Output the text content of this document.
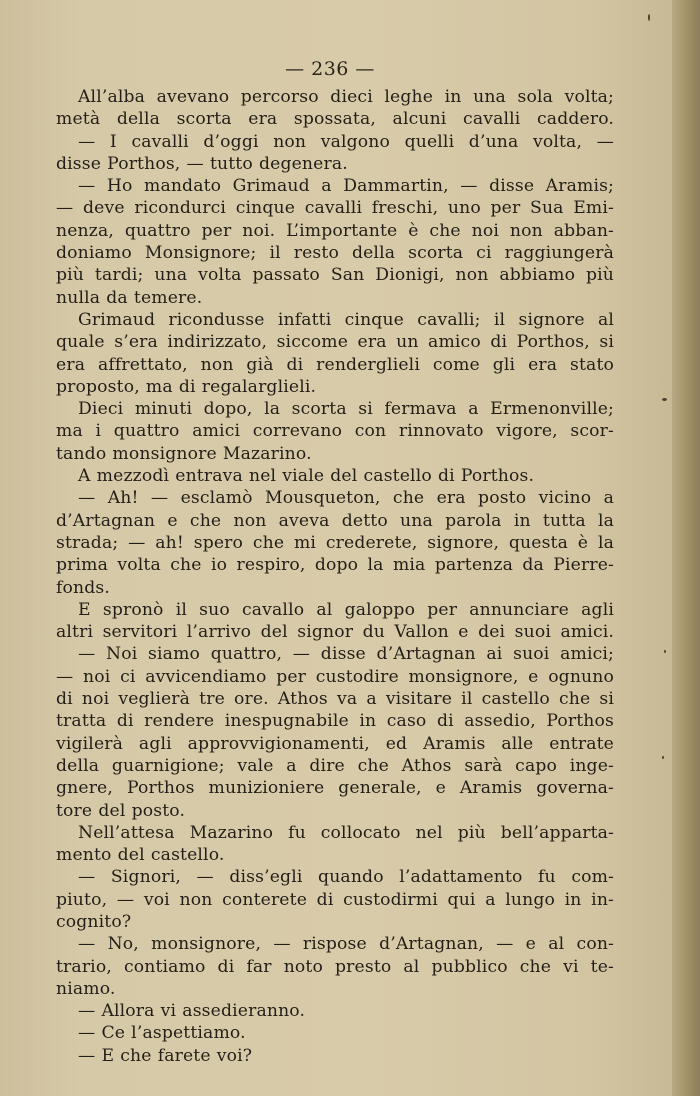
— 236 —
All’alba avevano percorso dieci leghe in una sola volta;
metà della scorta era spossata, alcuni cavalli caddero.
— I cavalli d’oggi non valgono quelli d’una volta, —
disse Porthos, — tutto degenera.
— Ho mandato Grimaud a Dammartin, — disse Aramis;
— deve ricondurci cinque cavalli freschi, uno per Sua Emi-
nenza, quattro per noi. L’importante è che noi non abban-
doniamo Monsignore; il resto della scorta ci raggiungerà
più tardi; una volta passato San Dionigi, non abbiamo più
nulla da temere.
Grimaud ricondusse infatti cinque cavalli; il signore al
quale s’era indirizzato, siccome era un amico di Porthos, si
era affrettato, non già di renderglieli come gli era stato
proposto, ma di regalarglieli.
Dieci minuti dopo, la scorta si fermava a Ermenonville;
ma i quattro amici correvano con rinnovato vigore, scor-
tando monsignore Mazarino.
A mezzodì entrava nel viale del castello di Porthos.
— Ah! — esclamò Mousqueton, che era posto vicino a
d’Artagnan e che non aveva detto una parola in tutta la
strada; — ah! spero che mi crederete, signore, questa è la
prima volta che io respiro, dopo la mia partenza da Pierre-
fonds.
E spronò il suo cavallo al galoppo per annunciare agli
altri servitori l’arrivo del signor du Vallon e dei suoi amici.
— Noi siamo quattro, — disse d’Artagnan ai suoi amici;
— noi ci avvicendiamo per custodire monsignore, e ognuno
di noi veglierà tre ore. Athos va a visitare il castello che si
tratta di rendere inespugnabile in caso di assedio, Porthos
vigilerà agli approvvigionamenti, ed Aramis alle entrate
della guarnigione; vale a dire che Athos sarà capo inge-
gnere, Porthos munizioniere generale, e Aramis governa-
tore del posto.
Nell’attesa Mazarino fu collocato nel più bell’apparta-
mento del castello.
— Signori, — diss’egli quando l’adattamento fu com-
piuto, — voi non conterete di custodirmi qui a lungo in in-
cognito?
— No, monsignore, — rispose d’Artagnan, — e al con-
trario, contiamo di far noto presto al pubblico che vi te-
niamo.
— Allora vi assedieranno.
— Ce l’aspettiamo.
— E che farete voi?
